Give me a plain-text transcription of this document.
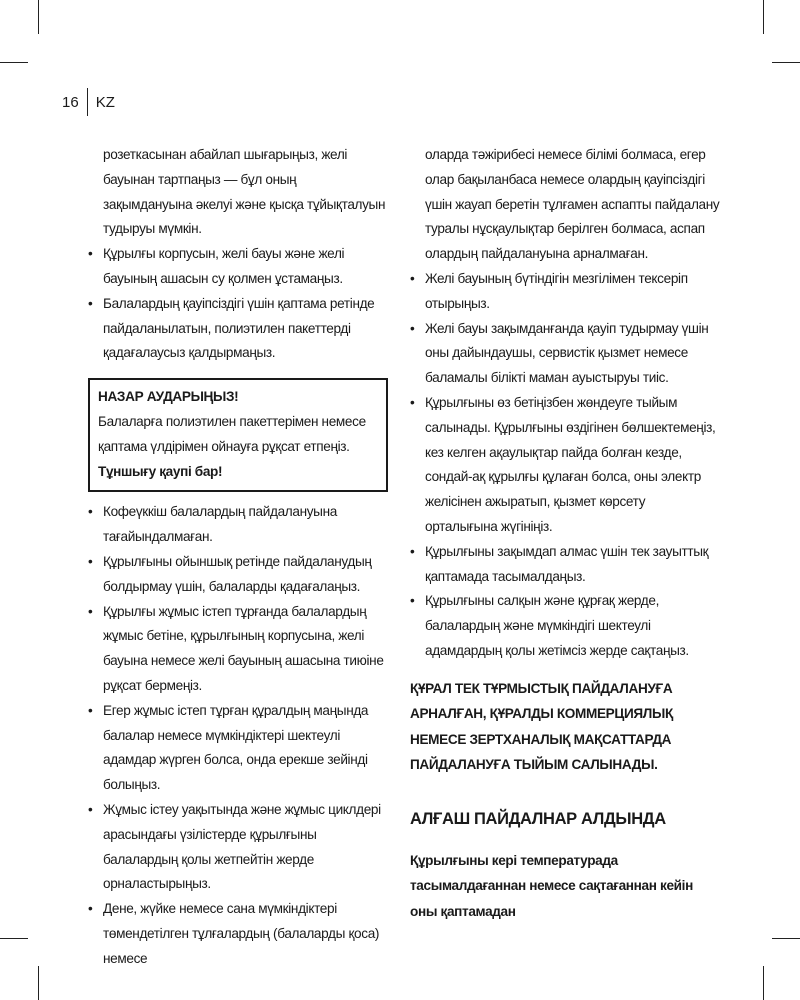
16	KZ

розеткасынан абайлап шығарыңыз, желі бауынан тартпаңыз — бұл оның зақымдануына әкелуі және қысқа тұйықталуын тудыруы мүмкін.

• Құрылғы корпусын, желі бауы және желі бауының ашасын су қолмен ұстамаңыз.
• Балалардың қауіпсіздігі үшін қаптама ретінде пайдаланылатын, полиэтилен пакеттерді қадағалаусыз қалдырмаңыз.

НАЗАР АУДАРЫҢЫЗ!

Балаларға полиэтилен пакеттерімен немесе қаптама үлдірімен ойнауға рұқсат етпеңіз. Тұншығу қаупі бар!

• Кофеүккіш балалардың пайдалануына тағайындалмаған.
• Құрылғыны ойыншық ретінде пайдаланудың болдырмау үшін, балаларды қадағалаңыз.
• Құрылғы жұмыс істеп тұрғанда балалардың жұмыс бетіне, құрылғының корпусына, желі бауына немесе желі бауының ашасына тиюіне рұқсат бермеңіз.
• Егер жұмыс істеп тұрған құралдың маңында балалар немесе мүмкіндіктері шектеулі адамдар жүрген болса, онда ерекше зейінді болыңыз.
• Жұмыс істеу уақытында және жұмыс циклдері арасындағы үзілістерде құрылғыны балалардың қолы жетпейтін жерде орналастырыңыз.
• Дене, жүйке немесе сана мүмкіндіктері төмендетілген тұлғалардың (балаларды қоса) немесе

оларда тәжірибесі немесе білімі болмаса, егер олар бақыланбаса немесе олардың қауіпсіздігі үшін жауап беретін тұлғамен аспапты пайдалану туралы нұсқаулықтар берілген болмаса, аспап олардың пайдалануына арналмаған.

• Желі бауының бүтіндігін мезгілімен тексеріп отырыңыз.
• Желі бауы зақымданғанда қауіп тудырмау үшін оны дайындаушы, сервистік қызмет немесе баламалы білікті маман ауыстыруы тиіс.
• Құрылғыны өз бетіңізбен жөндеуге тыйым салынады. Құрылғыны өздігінен бөлшектемеңіз, кез келген ақаулықтар пайда болған кезде, сондай-ақ құрылғы құлаған болса, оны электр желісінен ажыратып, қызмет көрсету орталығына жүгініңіз.
• Құрылғыны зақымдап алмас үшін тек зауыттық қаптамада тасымалдаңыз.
• Құрылғыны салқын және құрғақ жерде, балалардың және мүмкіндігі шектеулі адамдардың қолы жетімсіз жерде сақтаңыз.

ҚҰРАЛ ТЕК ТҰРМЫСТЫҚ ПАЙДАЛАНУҒА АРНАЛҒАН, ҚҰРАЛДЫ КОММЕРЦИЯЛЫҚ НЕМЕСЕ ЗЕРТХАНАЛЫҚ МАҚСАТТАРДА ПАЙДАЛАНУҒА ТЫЙЫМ САЛЫНАДЫ.

АЛҒАШ ПАЙДАЛНАР АЛДЫНДА

Құрылғыны кері температурада тасымалдағаннан немесе сақтағаннан кейін оны қаптамадан
